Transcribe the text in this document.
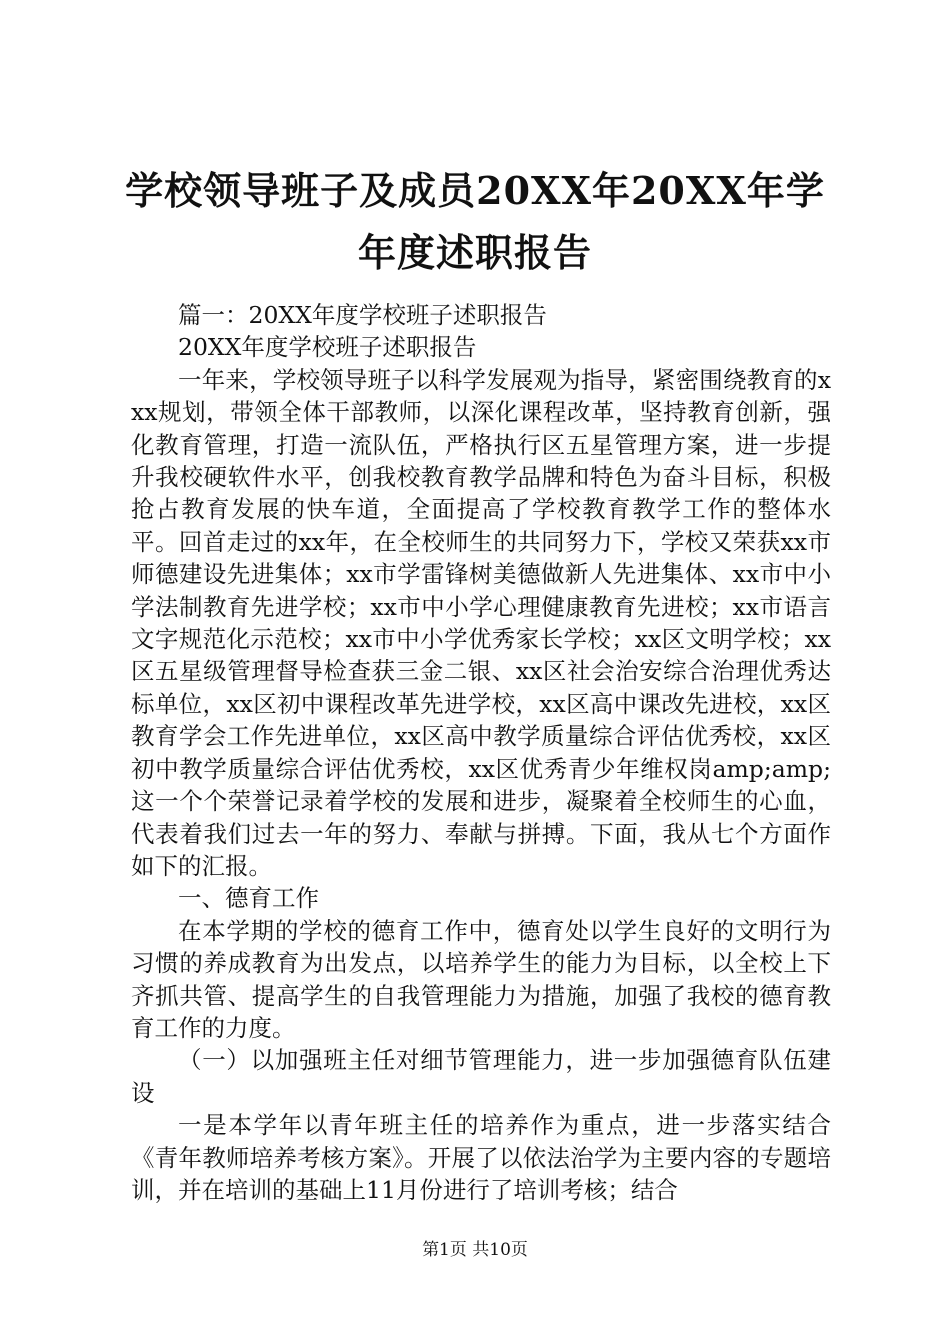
学校领导班子及成员20XX年20XX年学年度述职报告

篇一：20XX年度学校班子述职报告

20XX年度学校班子述职报告

一年来，学校领导班子以科学发展观为指导，紧密围绕教育的xxx规划，带领全体干部教师，以深化课程改革，坚持教育创新，强化教育管理，打造一流队伍，严格执行区五星管理方案，进一步提升我校硬软件水平，创我校教育教学品牌和特色为奋斗目标，积极抢占教育发展的快车道，全面提高了学校教育教学工作的整体水平。回首走过的xx年，在全校师生的共同努力下，学校又荣获xx市师德建设先进集体；xx市学雷锋树美德做新人先进集体、xx市中小学法制教育先进学校；xx市中小学心理健康教育先进校；xx市语言文字规范化示范校；xx市中小学优秀家长学校；xx区文明学校；xx区五星级管理督导检查获三金二银、xx区社会治安综合治理优秀达标单位，xx区初中课程改革先进学校，xx区高中课改先进校，xx区教育学会工作先进单位，xx区高中教学质量综合评估优秀校，xx区初中教学质量综合评估优秀校，xx区优秀青少年维权岗amp;amp;这一个个荣誉记录着学校的发展和进步，凝聚着全校师生的心血，代表着我们过去一年的努力、奉献与拼搏。下面，我从七个方面作如下的汇报。

一、德育工作

在本学期的学校的德育工作中，德育处以学生良好的文明行为习惯的养成教育为出发点，以培养学生的能力为目标，以全校上下齐抓共管、提高学生的自我管理能力为措施，加强了我校的德育教育工作的力度。

（一）以加强班主任对细节管理能力，进一步加强德育队伍建设

一是本学年以青年班主任的培养作为重点，进一步落实结合《青年教师培养考核方案》。开展了以依法治学为主要内容的专题培训，并在培训的基础上11月份进行了培训考核；结合

第1页 共10页
